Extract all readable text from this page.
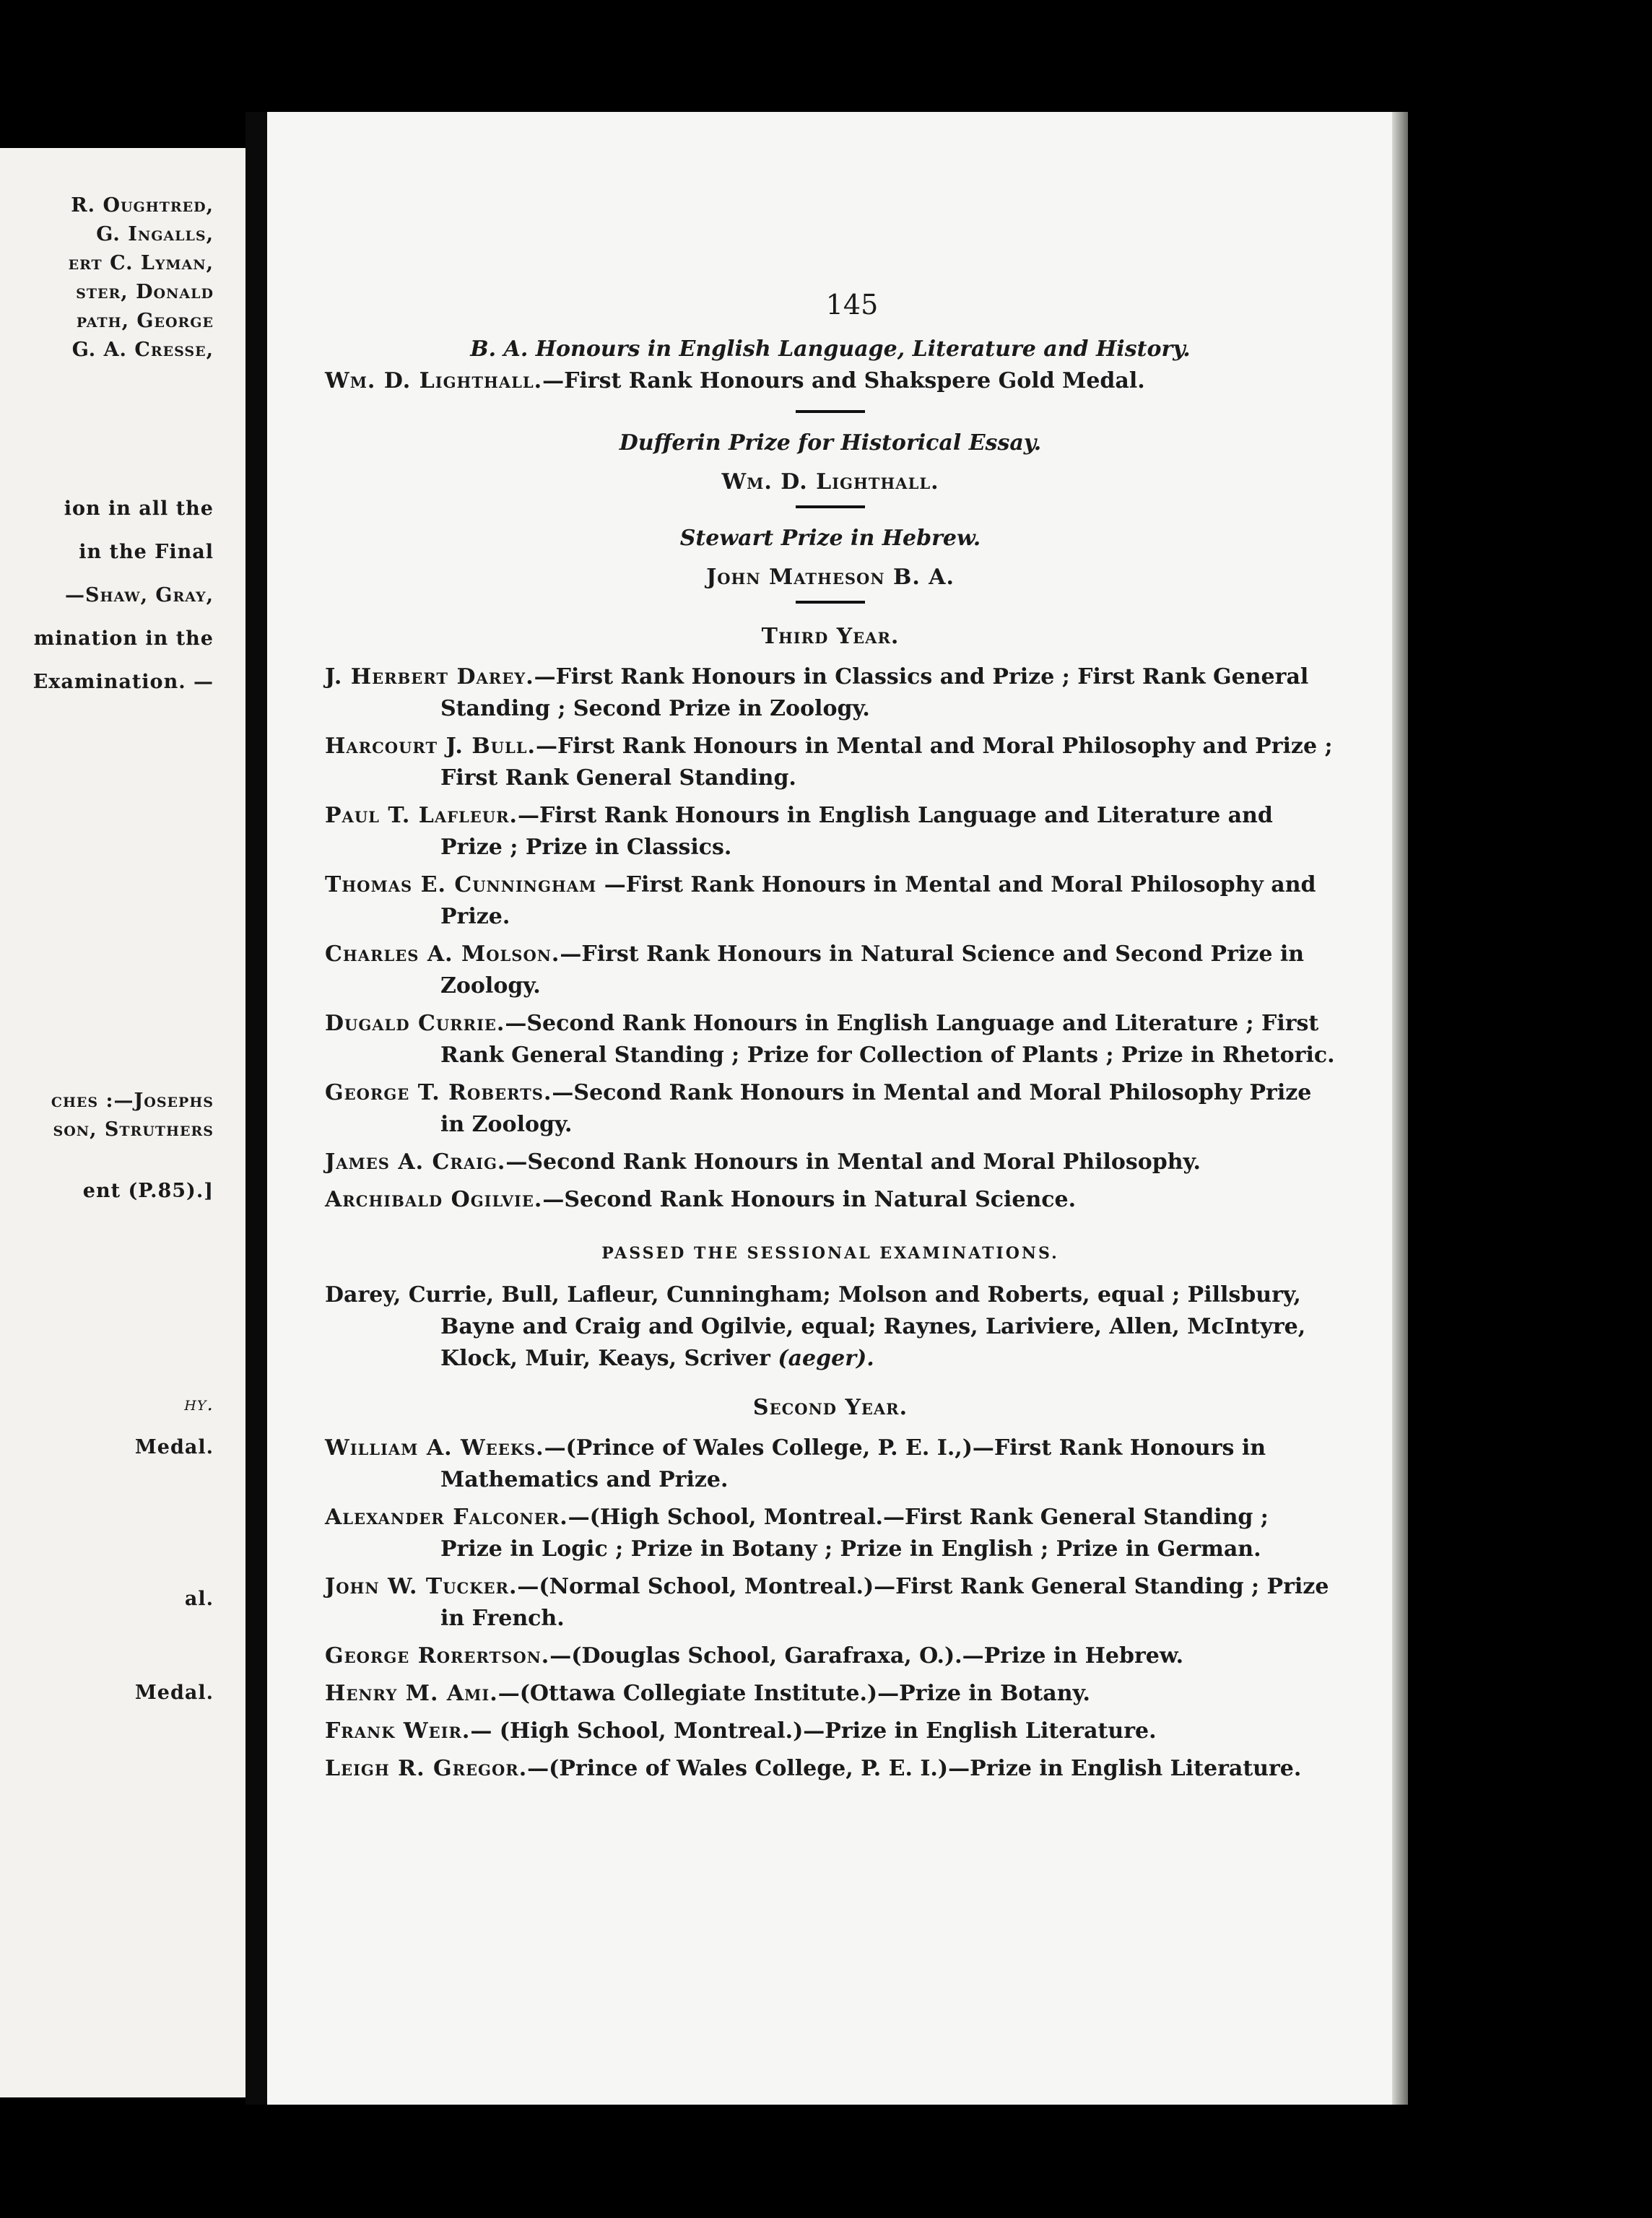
R. Oughtred,
G. Ingalls,
ert C. Lyman,
ster, Donald
path, George
G. A. Cresse,
ion in all the
in the Final
—Shaw, Gray,
mination in the
Examination. —
ches :—Josephs
son, Struthers
ent (P.85).]
hy.
Medal.
al.
Medal.
145
B. A. Honours in English Language, Literature and History.
Wm. D. Lighthall.—First Rank Honours and Shakspere Gold Medal.
Dufferin Prize for Historical Essay.
Wm. D. Lighthall.
Stewart Prize in Hebrew.
John Matheson B. A.
Third Year.
J. Herbert Darey.—First Rank Honours in Classics and Prize ; First Rank General Standing ; Second Prize in Zoology.
Harcourt J. Bull.—First Rank Honours in Mental and Moral Philosophy and Prize ; First Rank General Standing.
Paul T. Lafleur.—First Rank Honours in English Language and Literature and Prize ; Prize in Classics.
Thomas E. Cunningham —First Rank Honours in Mental and Moral Philosophy and Prize.
Charles A. Molson.—First Rank Honours in Natural Science and Second Prize in Zoology.
Dugald Currie.—Second Rank Honours in English Language and Literature ; First Rank General Standing ; Prize for Collection of Plants ; Prize in Rhetoric.
George T. Roberts.—Second Rank Honours in Mental and Moral Philosophy Prize in Zoology.
James A. Craig.—Second Rank Honours in Mental and Moral Philosophy.
Archibald Ogilvie.—Second Rank Honours in Natural Science.
PASSED THE SESSIONAL EXAMINATIONS.
Darey, Currie, Bull, Lafleur, Cunningham; Molson and Roberts, equal ; Pillsbury, Bayne and Craig and Ogilvie, equal; Raynes, Lariviere, Allen, McIntyre, Klock, Muir, Keays, Scriver (aeger).
Second Year.
William A. Weeks.—(Prince of Wales College, P. E. I.,)—First Rank Honours in Mathematics and Prize.
Alexander Falconer.—(High School, Montreal.—First Rank General Standing ; Prize in Logic ; Prize in Botany ; Prize in English ; Prize in German.
John W. Tucker.—(Normal School, Montreal.)—First Rank General Standing ; Prize in French.
George Rorertson.—(Douglas School, Garafraxa, O.).—Prize in Hebrew.
Henry M. Ami.—(Ottawa Collegiate Institute.)—Prize in Botany.
Frank Weir.— (High School, Montreal.)—Prize in English Literature.
Leigh R. Gregor.—(Prince of Wales College, P. E. I.)—Prize in English Literature.
